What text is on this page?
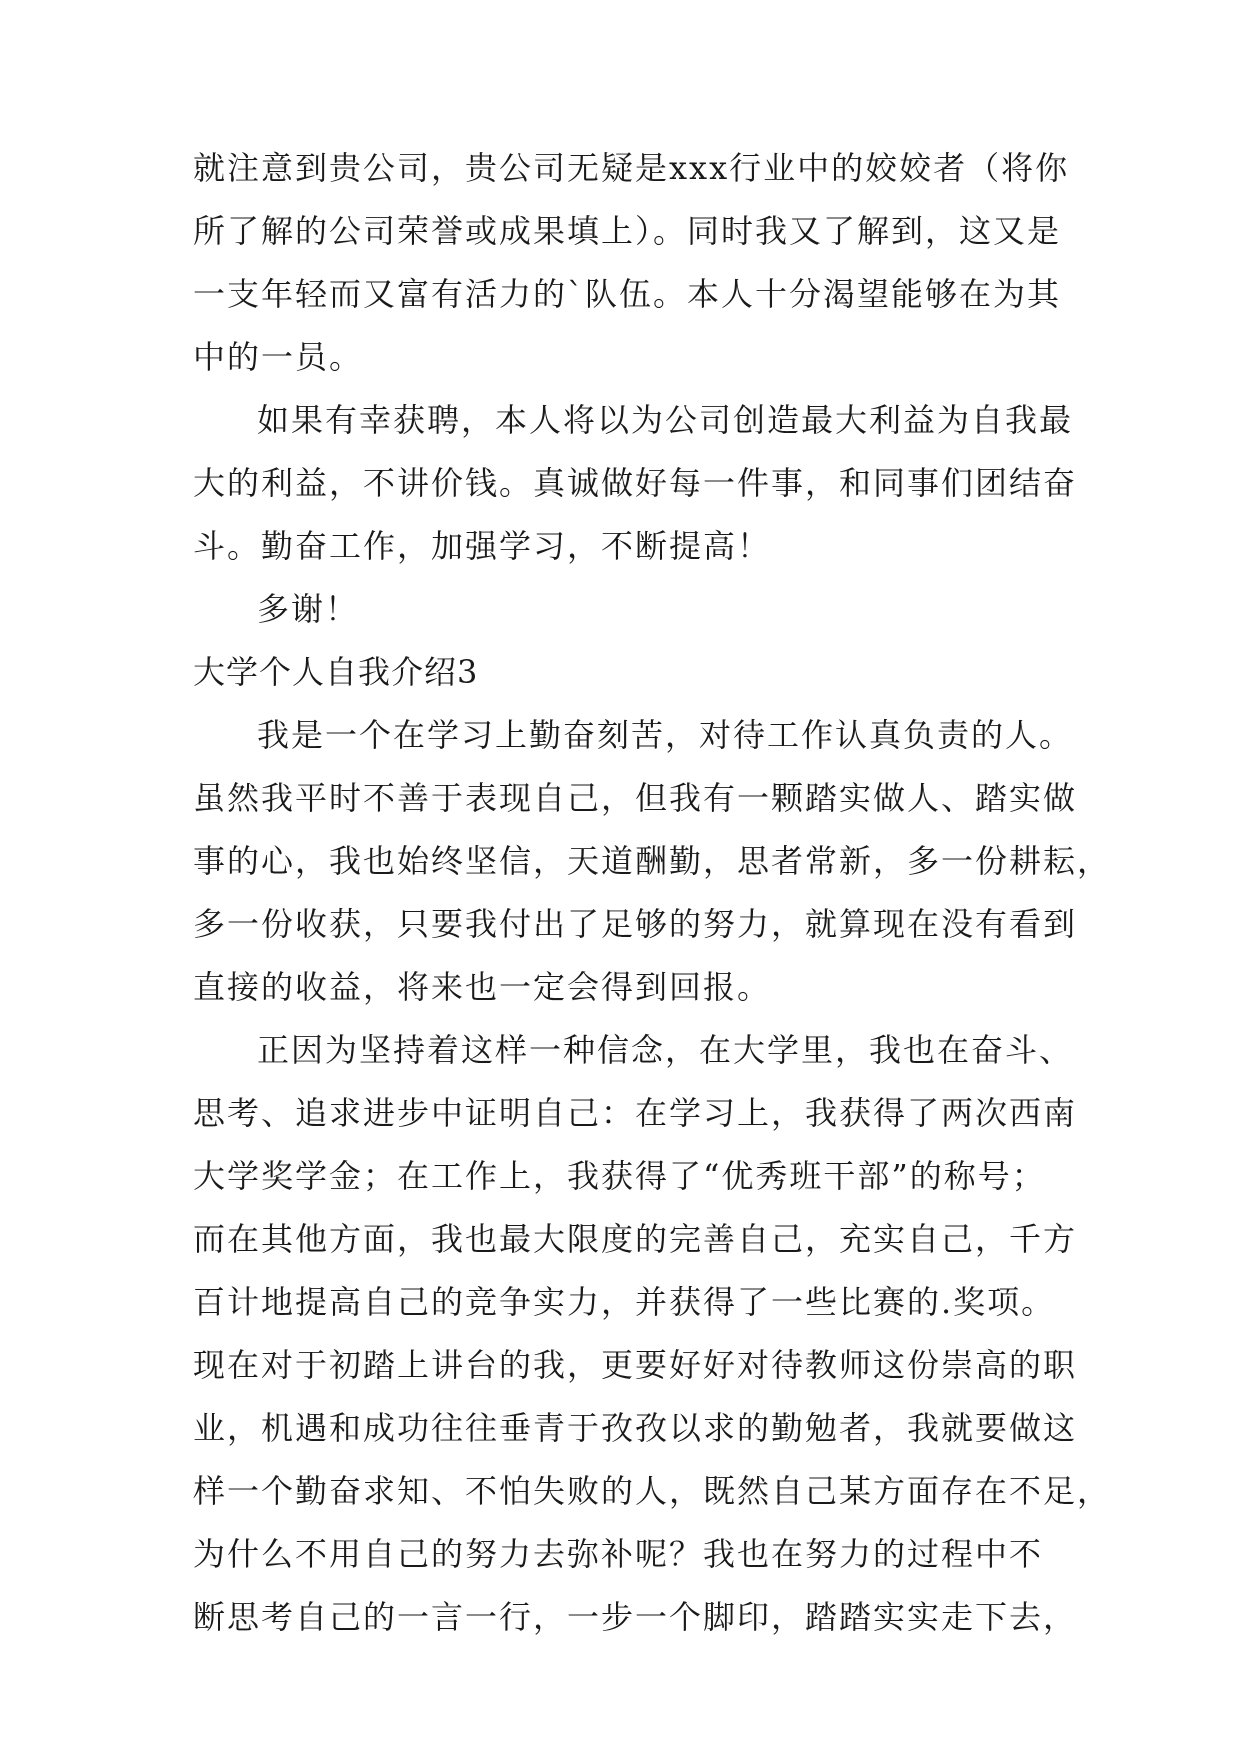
就注意到贵公司，贵公司无疑是xxx行业中的姣姣者（将你
所了解的公司荣誉或成果填上）。同时我又了解到，这又是
一支年轻而又富有活力的`队伍。本人十分渴望能够在为其
中的一员。
如果有幸获聘，本人将以为公司创造最大利益为自我最
大的利益，不讲价钱。真诚做好每一件事，和同事们团结奋
斗。勤奋工作，加强学习，不断提高！
多谢！
大学个人自我介绍3
我是一个在学习上勤奋刻苦，对待工作认真负责的人。
虽然我平时不善于表现自己，但我有一颗踏实做人、踏实做
事的心，我也始终坚信，天道酬勤，思者常新，多一份耕耘，
多一份收获，只要我付出了足够的努力，就算现在没有看到
直接的收益，将来也一定会得到回报。
正因为坚持着这样一种信念，在大学里，我也在奋斗、
思考、追求进步中证明自己：在学习上，我获得了两次西南
大学奖学金；在工作上，我获得了“优秀班干部”的称号；
而在其他方面，我也最大限度的完善自己，充实自己，千方
百计地提高自己的竞争实力，并获得了一些比赛的.奖项。
现在对于初踏上讲台的我，更要好好对待教师这份崇高的职
业，机遇和成功往往垂青于孜孜以求的勤勉者，我就要做这
样一个勤奋求知、不怕失败的人，既然自己某方面存在不足，
为什么不用自己的努力去弥补呢？我也在努力的过程中不
断思考自己的一言一行，一步一个脚印，踏踏实实走下去，
